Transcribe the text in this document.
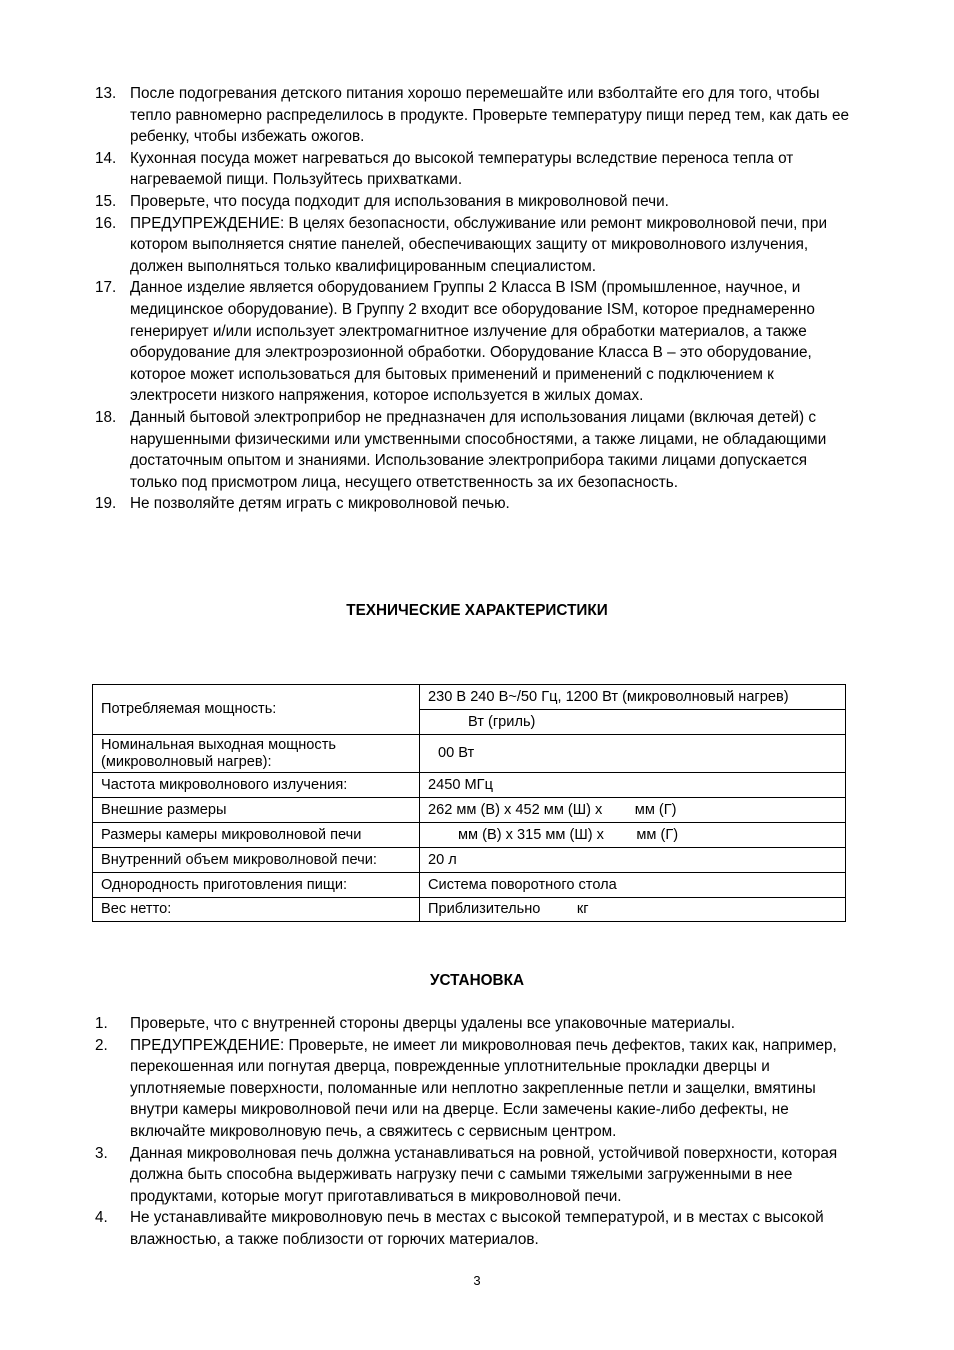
13. После подогревания детского питания хорошо перемешайте или взболтайте его для того, чтобы тепло равномерно распределилось в продукте. Проверьте температуру пищи перед тем, как дать ее ребенку, чтобы избежать ожогов.
14. Кухонная посуда может нагреваться до высокой температуры вследствие переноса тепла от нагреваемой пищи. Пользуйтесь прихватками.
15. Проверьте, что посуда подходит для использования в микроволновой печи.
16. ПРЕДУПРЕЖДЕНИЕ: В целях безопасности, обслуживание или ремонт микроволновой печи, при котором выполняется снятие панелей, обеспечивающих защиту от микроволнового излучения, должен выполняться только квалифицированным специалистом.
17. Данное изделие является оборудованием Группы 2 Класса B ISM (промышленное, научное, и медицинское оборудование). В Группу 2 входит все оборудование ISM, которое преднамеренно генерирует и/или использует электромагнитное излучение для обработки материалов, а также оборудование для электроэрозионной обработки. Оборудование Класса B – это оборудование, которое может использоваться для бытовых применений и применений с подключением к электросети низкого напряжения, которое используется в жилых домах.
18. Данный бытовой электроприбор не предназначен для использования лицами (включая детей) с нарушенными физическими или умственными способностями, а также лицами, не обладающими достаточным опытом и знаниями. Использование электроприбора такими лицами допускается только под присмотром лица, несущего ответственность за их безопасность.
19. Не позволяйте детям играть с микроволновой печью.
ТЕХНИЧЕСКИЕ ХАРАКТЕРИСТИКИ
Потребляемая мощность:	230 В 240 В~/50 Гц, 1200 Вт (микроволновый нагрев)
	Вт (гриль)
Номинальная выходная мощность (микроволновый нагрев):	00 Вт
Частота микроволнового излучения:	2450 МГц
Внешние размеры	262 мм (В) х 452 мм (Ш) х        мм (Г)
Размеры камеры микроволновой печи	мм (В) х 315 мм (Ш) х        мм (Г)
Внутренний объем микроволновой печи:	20 л
Однородность приготовления пищи:	Система поворотного стола
Вес нетто:	Приблизительно         кг
УСТАНОВКА
1.	Проверьте, что с внутренней стороны дверцы удалены все упаковочные материалы.
2.	ПРЕДУПРЕЖДЕНИЕ: Проверьте, не имеет ли микроволновая печь дефектов, таких как, например, перекошенная или погнутая дверца, поврежденные уплотнительные прокладки дверцы и уплотняемые поверхности, поломанные или неплотно закрепленные петли и защелки, вмятины внутри камеры микроволновой печи или на дверце. Если замечены какие-либо дефекты, не включайте микроволновую печь, а свяжитесь с сервисным центром.
3.	Данная микроволновая печь должна устанавливаться на ровной, устойчивой поверхности, которая должна быть способна выдерживать нагрузку печи с самыми тяжелыми загруженными в нее продуктами, которые могут приготавливаться в микроволновой печи.
4.	Не устанавливайте микроволновую печь в местах с высокой температурой, и в местах с высокой влажностью, а также поблизости от горючих материалов.
3
